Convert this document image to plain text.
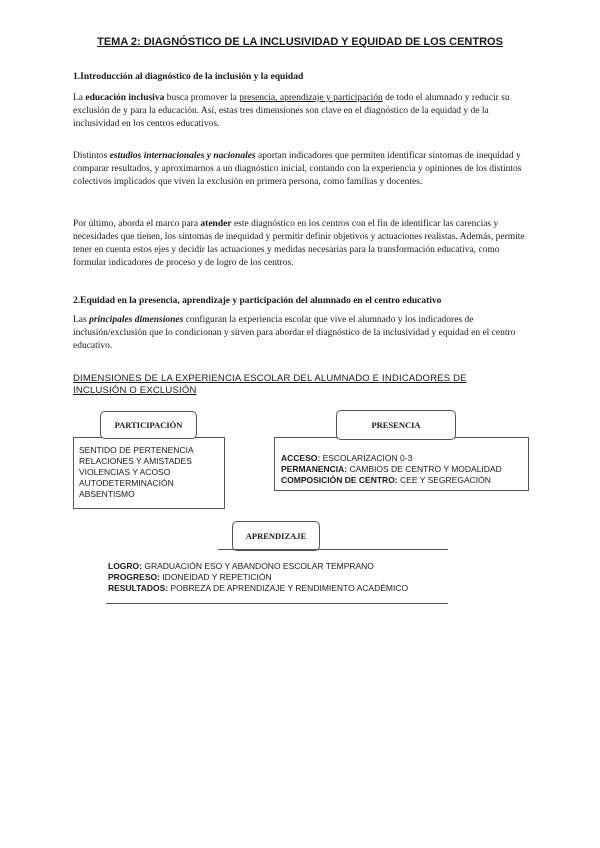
TEMA 2: DIAGNÓSTICO DE LA INCLUSIVIDAD Y EQUIDAD DE LOS CENTROS
1.Introducción al diagnóstico de la inclusión y la equidad

La educación inclusiva busca promover la presencia, aprendizaje y participación de todo el alumnado y reducir su exclusión de y para la educación. Así, estas tres dimensiones son clave en el diagnóstico de la equidad y de la inclusividad en los centros educativos.

Distintos estudios internacionales y nacionales aportan indicadores que permiten identificar síntomas de inequidad y comparar resultados, y aproximarnos a un diagnóstico inicial, contando con la experiencia y opiniones de los distintos colectivos implicados que viven la exclusión en primera persona, como familias y docentes.

Por último, aborda el marco para atender este diagnóstico en los centros con el fin de identificar las carencias y necesidades que tienen, los síntomas de inequidad y permitir definir objetivos y actuaciones realistas. Además, permite tener en cuenta estos ejes y decidir las actuaciones y medidas necesarias para la transformación educativa, como formular indicadores de proceso y de logro de los centros.

2.Equidad en la presencia, aprendizaje y participación del alumnado en el centro educativo

Las principales dimensiones configuran la experiencia escolar que vive el alumnado y los indicadores de inclusión/exclusión que lo condicionan y sirven para abordar el diagnóstico de la inclusividad y equidad en el centro educativo.

DIMENSIONES DE LA EXPERIENCIA ESCOLAR DEL ALUMNADO E INDICADORES DE INCLUSIÓN O EXCLUSIÓN
SENTIDO DE PERTENENCIA
RELACIONES Y AMISTADES
VIOLENCIAS Y ACOSO
AUTODETERMINACIÓN
ABSENTISMO
PARTICIPACIÓN
ACCESO: ESCOLARIZACION 0-3
PERMANENCIA: CAMBIOS DE CENTRO Y MODALIDAD
COMPOSICIÓN DE CENTRO: CEE Y SEGREGACIÓN
PRESENCIA
APRENDIZAJE
LOGRO: GRADUACIÓN ESO Y ABANDONO ESCOLAR TEMPRANO
PROGRESO: IDONEIDAD Y REPETICIÓN
RESULTADOS: POBREZA DE APRENDIZAJE Y RENDIMIENTO ACADÉMICO
